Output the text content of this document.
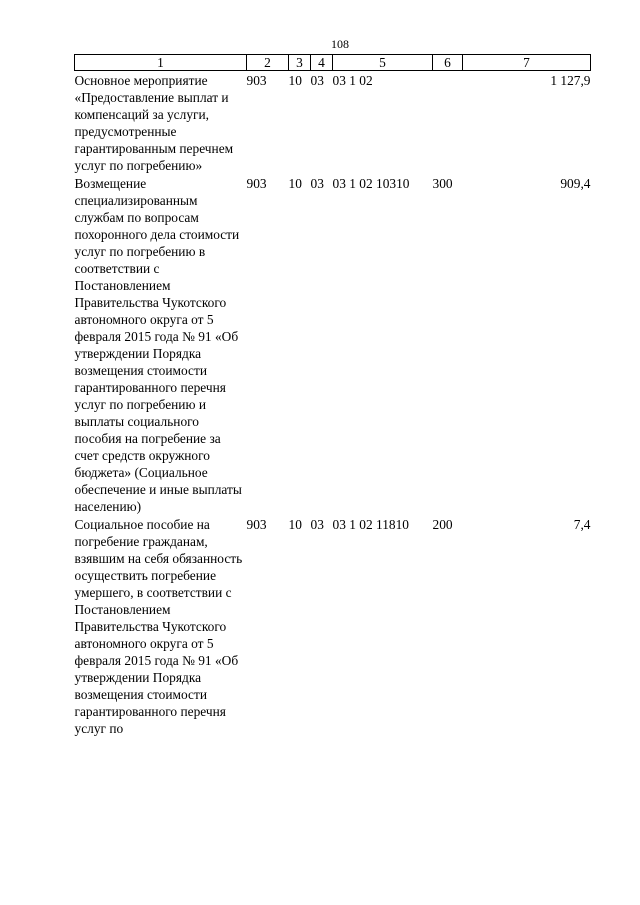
108
1	2	3	4	5	6	7
Основное мероприятие «Предоставление выплат и компенсаций за услуги, предусмотренные гарантированным перечнем услуг по погребению»	903	10	03	03 1 02		1 127,9
Возмещение специализированным службам по вопросам похоронного дела стоимости услуг по погребению в соответствии с Постановлением Правительства Чукотского автономного округа от 5 февраля 2015 года № 91 «Об утверждении Порядка возмещения стоимости гарантированного перечня услуг по погребению и выплаты социального пособия на погребение за счет средств окружного бюджета» (Социальное обеспечение и иные выплаты населению)	903	10	03	03 1 02 10310	300	909,4
Социальное пособие на погребение гражданам, взявшим на себя обязанность осуществить погребение умершего, в соответствии с Постановлением Правительства Чукотского автономного округа от 5 февраля 2015 года № 91 «Об утверждении Порядка возмещения стоимости гарантированного перечня услуг по	903	10	03	03 1 02 11810	200	7,4
